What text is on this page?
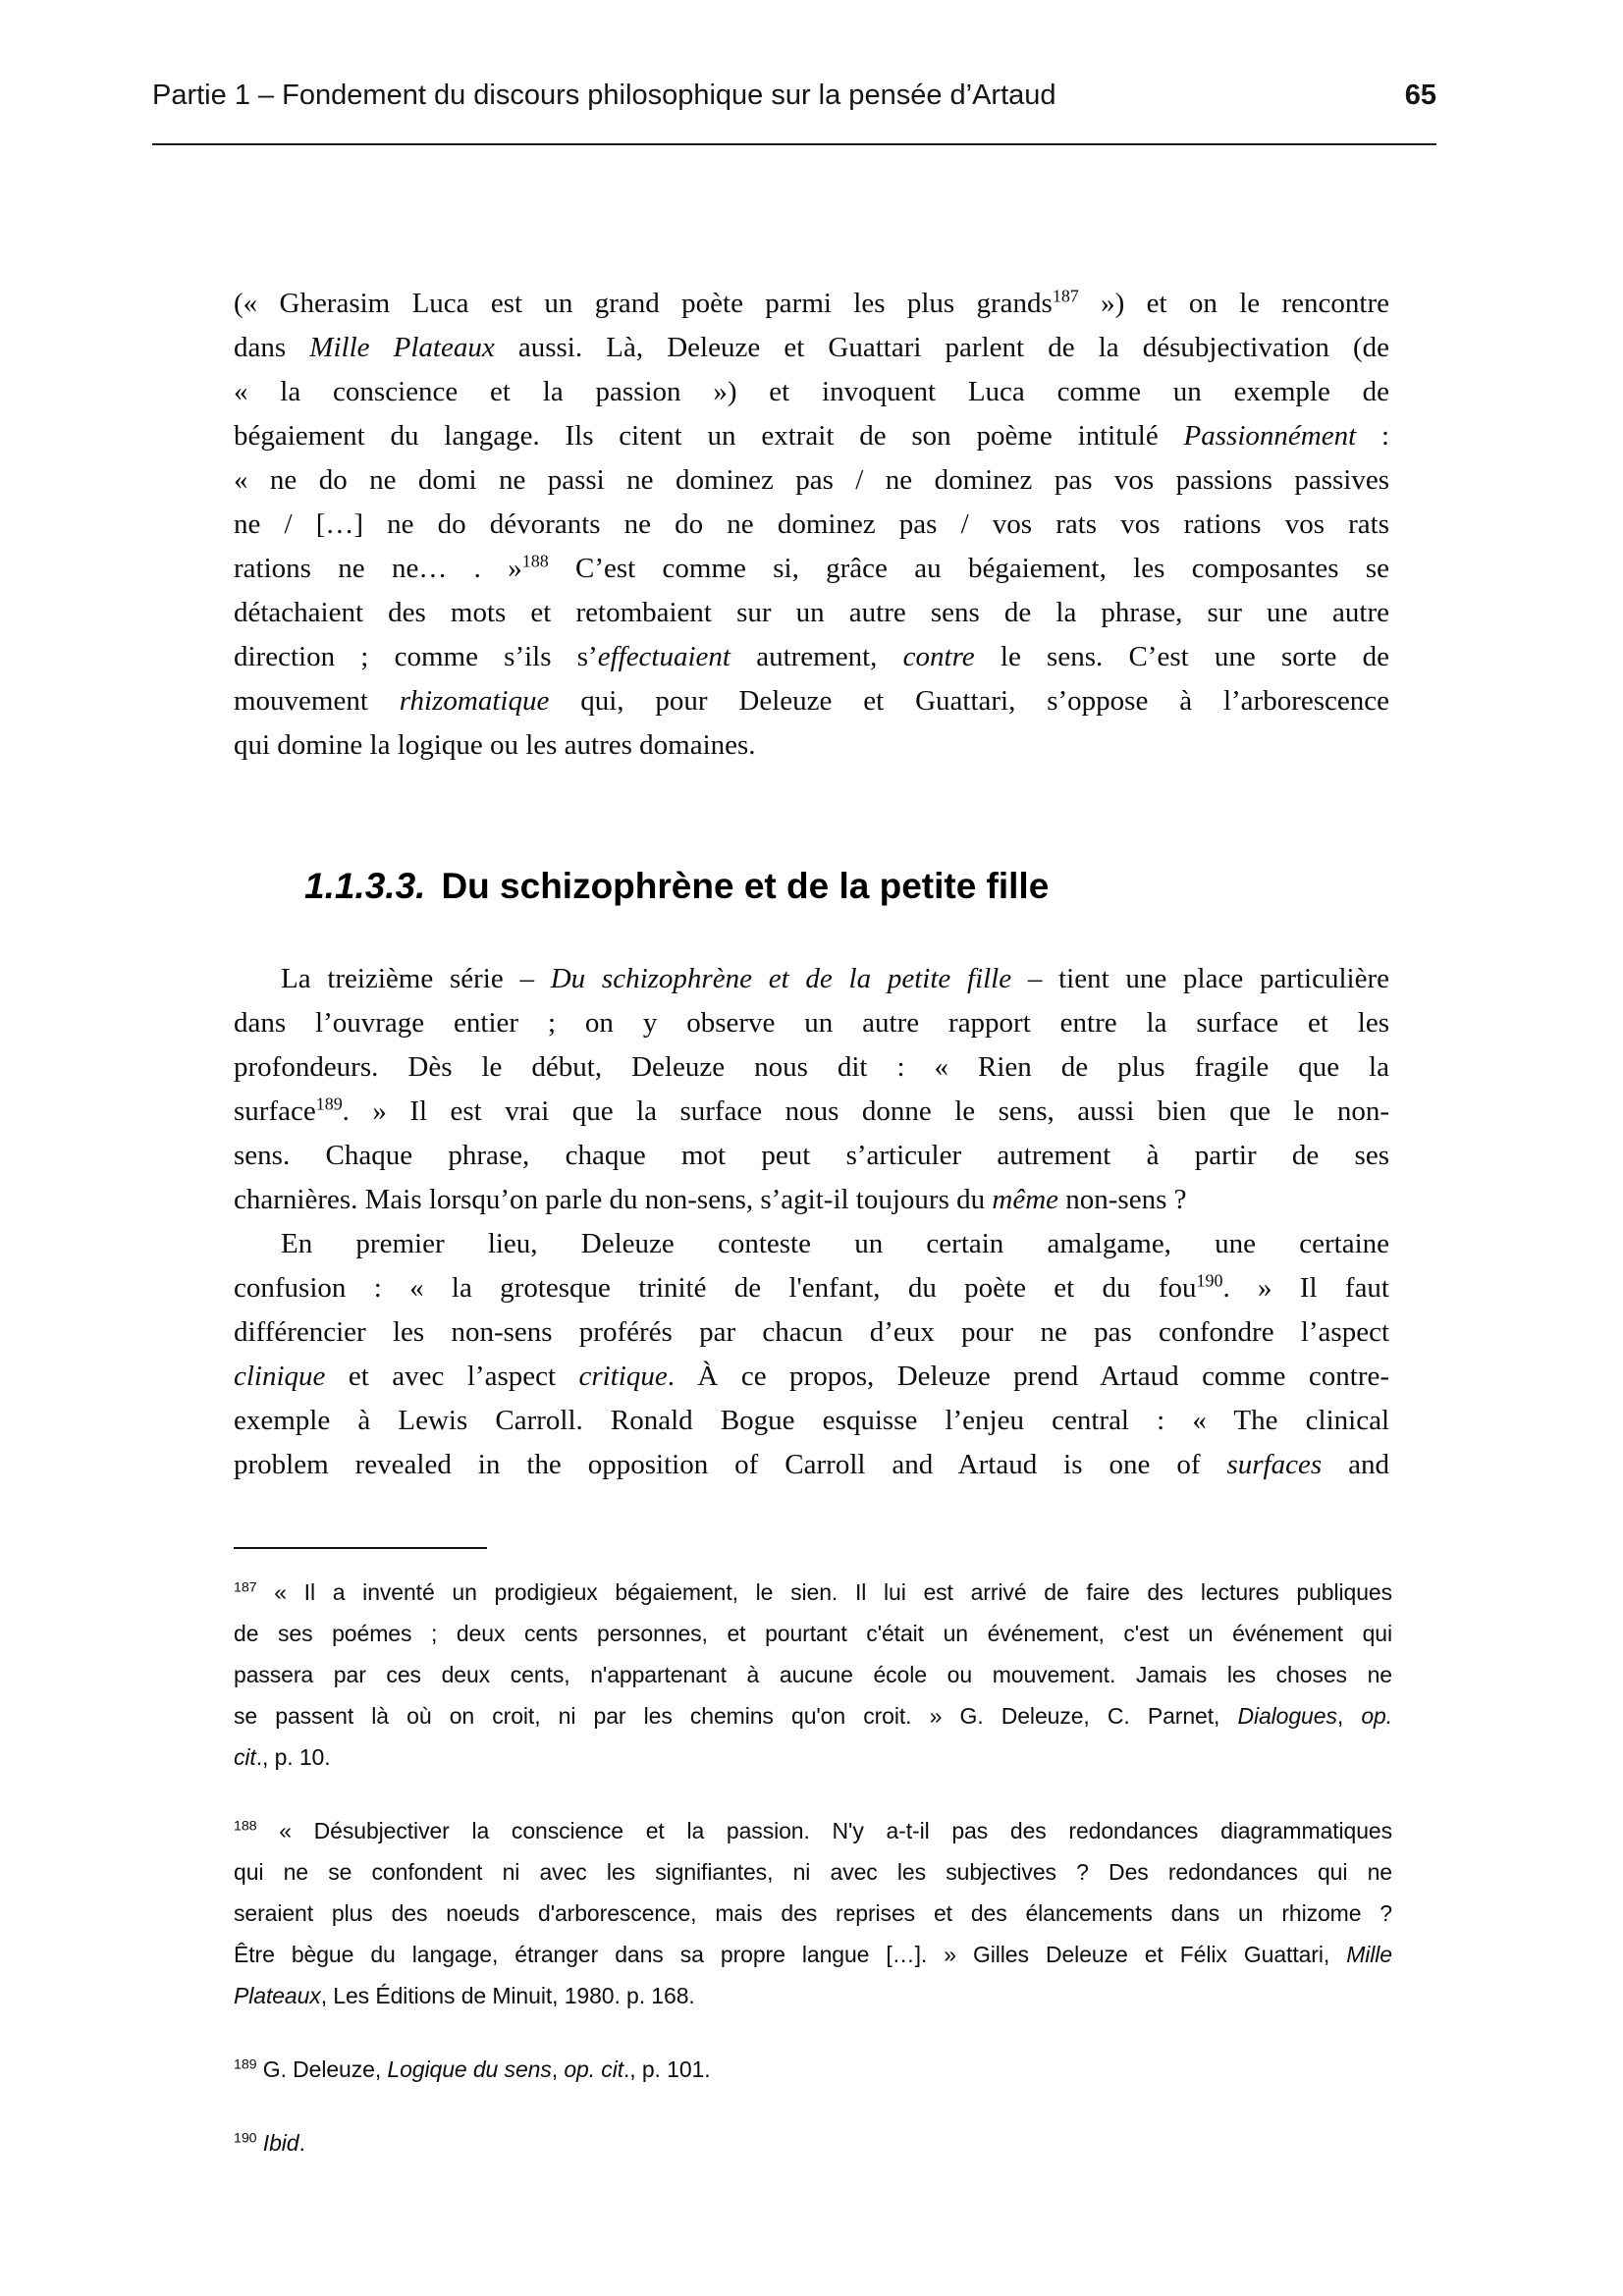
Partie 1 – Fondement du discours philosophique sur la pensée d’Artaud	65
(« Gherasim Luca est un grand poète parmi les plus grands$^{187}$ ») et on le rencontre
dans Mille Plateaux aussi. Là, Deleuze et Guattari parlent de la désubjectivation (de
« la conscience et la passion ») et invoquent Luca comme un exemple de
bégaiement du langage. Ils citent un extrait de son poème intitulé Passionnément :
« ne do ne domi ne passi ne dominez pas / ne dominez pas vos passions passives
ne / […] ne do dévorants ne do ne dominez pas / vos rats vos rations vos rats
rations ne ne… . »$^{188}$ C’est comme si, grâce au bégaiement, les composantes se
détachaient des mots et retombaient sur un autre sens de la phrase, sur une autre
direction ; comme s’ils s’effectuaient autrement, contre le sens. C’est une sorte de
mouvement rhizomatique qui, pour Deleuze et Guattari, s’oppose à l’arborescence
qui domine la logique ou les autres domaines.
1.1.3.3. Du schizophrène et de la petite fille
La treizième série – Du schizophrène et de la petite fille – tient une place particulière
dans l’ouvrage entier ; on y observe un autre rapport entre la surface et les
profondeurs. Dès le début, Deleuze nous dit : « Rien de plus fragile que la
surface$^{189}$. » Il est vrai que la surface nous donne le sens, aussi bien que le non-
sens. Chaque phrase, chaque mot peut s’articuler autrement à partir de ses
charnières. Mais lorsqu’on parle du non-sens, s’agit-il toujours du même non-sens ?
En premier lieu, Deleuze conteste un certain amalgame, une certaine
confusion : « la grotesque trinité de l'enfant, du poète et du fou$^{190}$. » Il faut
différencier les non-sens proférés par chacun d’eux pour ne pas confondre l’aspect
clinique et avec l’aspect critique. À ce propos, Deleuze prend Artaud comme contre-
exemple à Lewis Carroll. Ronald Bogue esquisse l’enjeu central : « The clinical
problem revealed in the opposition of Carroll and Artaud is one of surfaces and
$^{187}$ « Il a inventé un prodigieux bégaiement, le sien. Il lui est arrivé de faire des lectures publiques
de ses poémes ; deux cents personnes, et pourtant c'était un événement, c'est un événement qui
passera par ces deux cents, n'appartenant à aucune école ou mouvement. Jamais les choses ne
se passent là où on croit, ni par les chemins qu'on croit. » G. Deleuze, C. Parnet, Dialogues, op.
cit., p. 10.
$^{188}$ « Désubjectiver la conscience et la passion. N'y a-t-il pas des redondances diagrammatiques
qui ne se confondent ni avec les signifiantes, ni avec les subjectives ? Des redondances qui ne
seraient plus des noeuds d'arborescence, mais des reprises et des élancements dans un rhizome ?
Être bègue du langage, étranger dans sa propre langue […]. » Gilles Deleuze et Félix Guattari, Mille
Plateaux, Les Éditions de Minuit, 1980. p. 168.
$^{189}$ G. Deleuze, Logique du sens, op. cit., p. 101.
$^{190}$ Ibid.
